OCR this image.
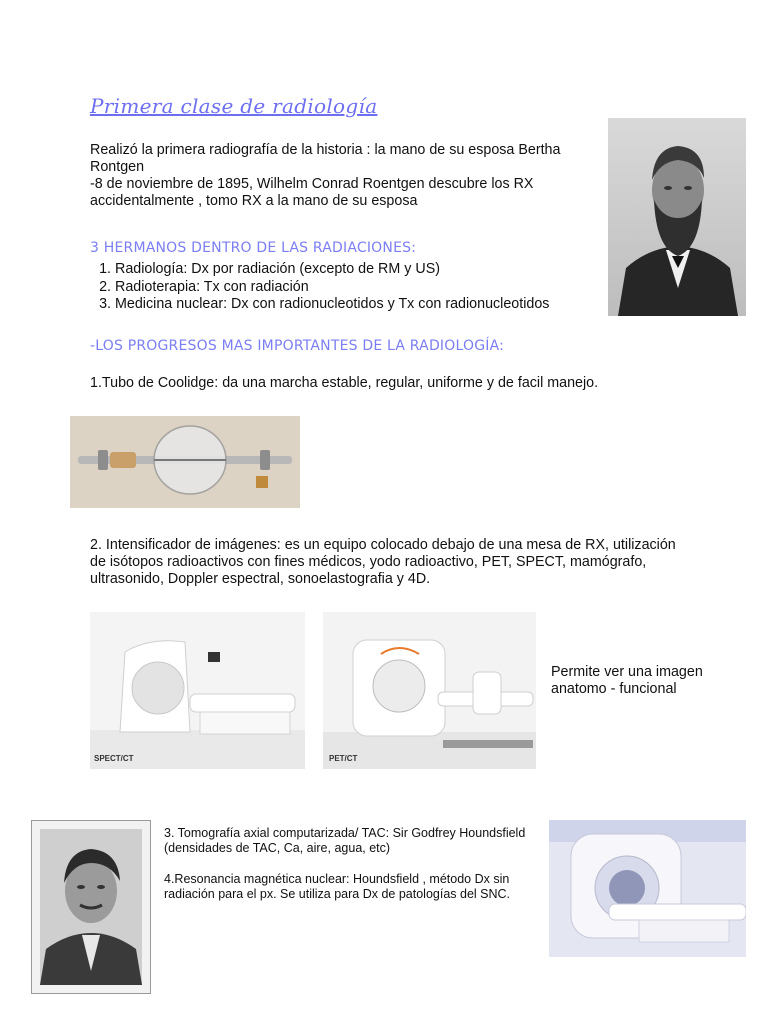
Primera clase de radiología
Realizó la primera radiografía de la historia : la mano de su esposa Bertha Rontgen
-8 de noviembre de 1895, Wilhelm Conrad Roentgen descubre los RX accidentalmente , tomo RX a la mano de su esposa
3 HERMANOS DENTRO DE LAS RADIACIONES:
1. Radiología: Dx por radiación (excepto de RM y US)
2. Radioterapia: Tx con radiación
3. Medicina nuclear: Dx con radionucleotidos y Tx con radionucleotidos
-LOS PROGRESOS MAS IMPORTANTES DE LA RADIOLOGÍA:
1.Tubo de Coolidge: da una marcha estable, regular, uniforme y de facil manejo.
2. Intensificador de imágenes: es un equipo colocado debajo de una mesa de RX, utilización de isótopos radioactivos con fines médicos, yodo radioactivo, PET, SPECT, mamógrafo, ultrasonido, Doppler espectral, sonoelastografia y 4D.
SPECT/CT	PET/CT
Permite ver una imagen anatomo - funcional
3. Tomografía axial computarizada/ TAC: Sir Godfrey Houndsfield (densidades de TAC, Ca, aire, agua, etc)
4.Resonancia magnética nuclear: Houndsfield , método Dx sin radiación para el px. Se utiliza para Dx de patologías del SNC.
